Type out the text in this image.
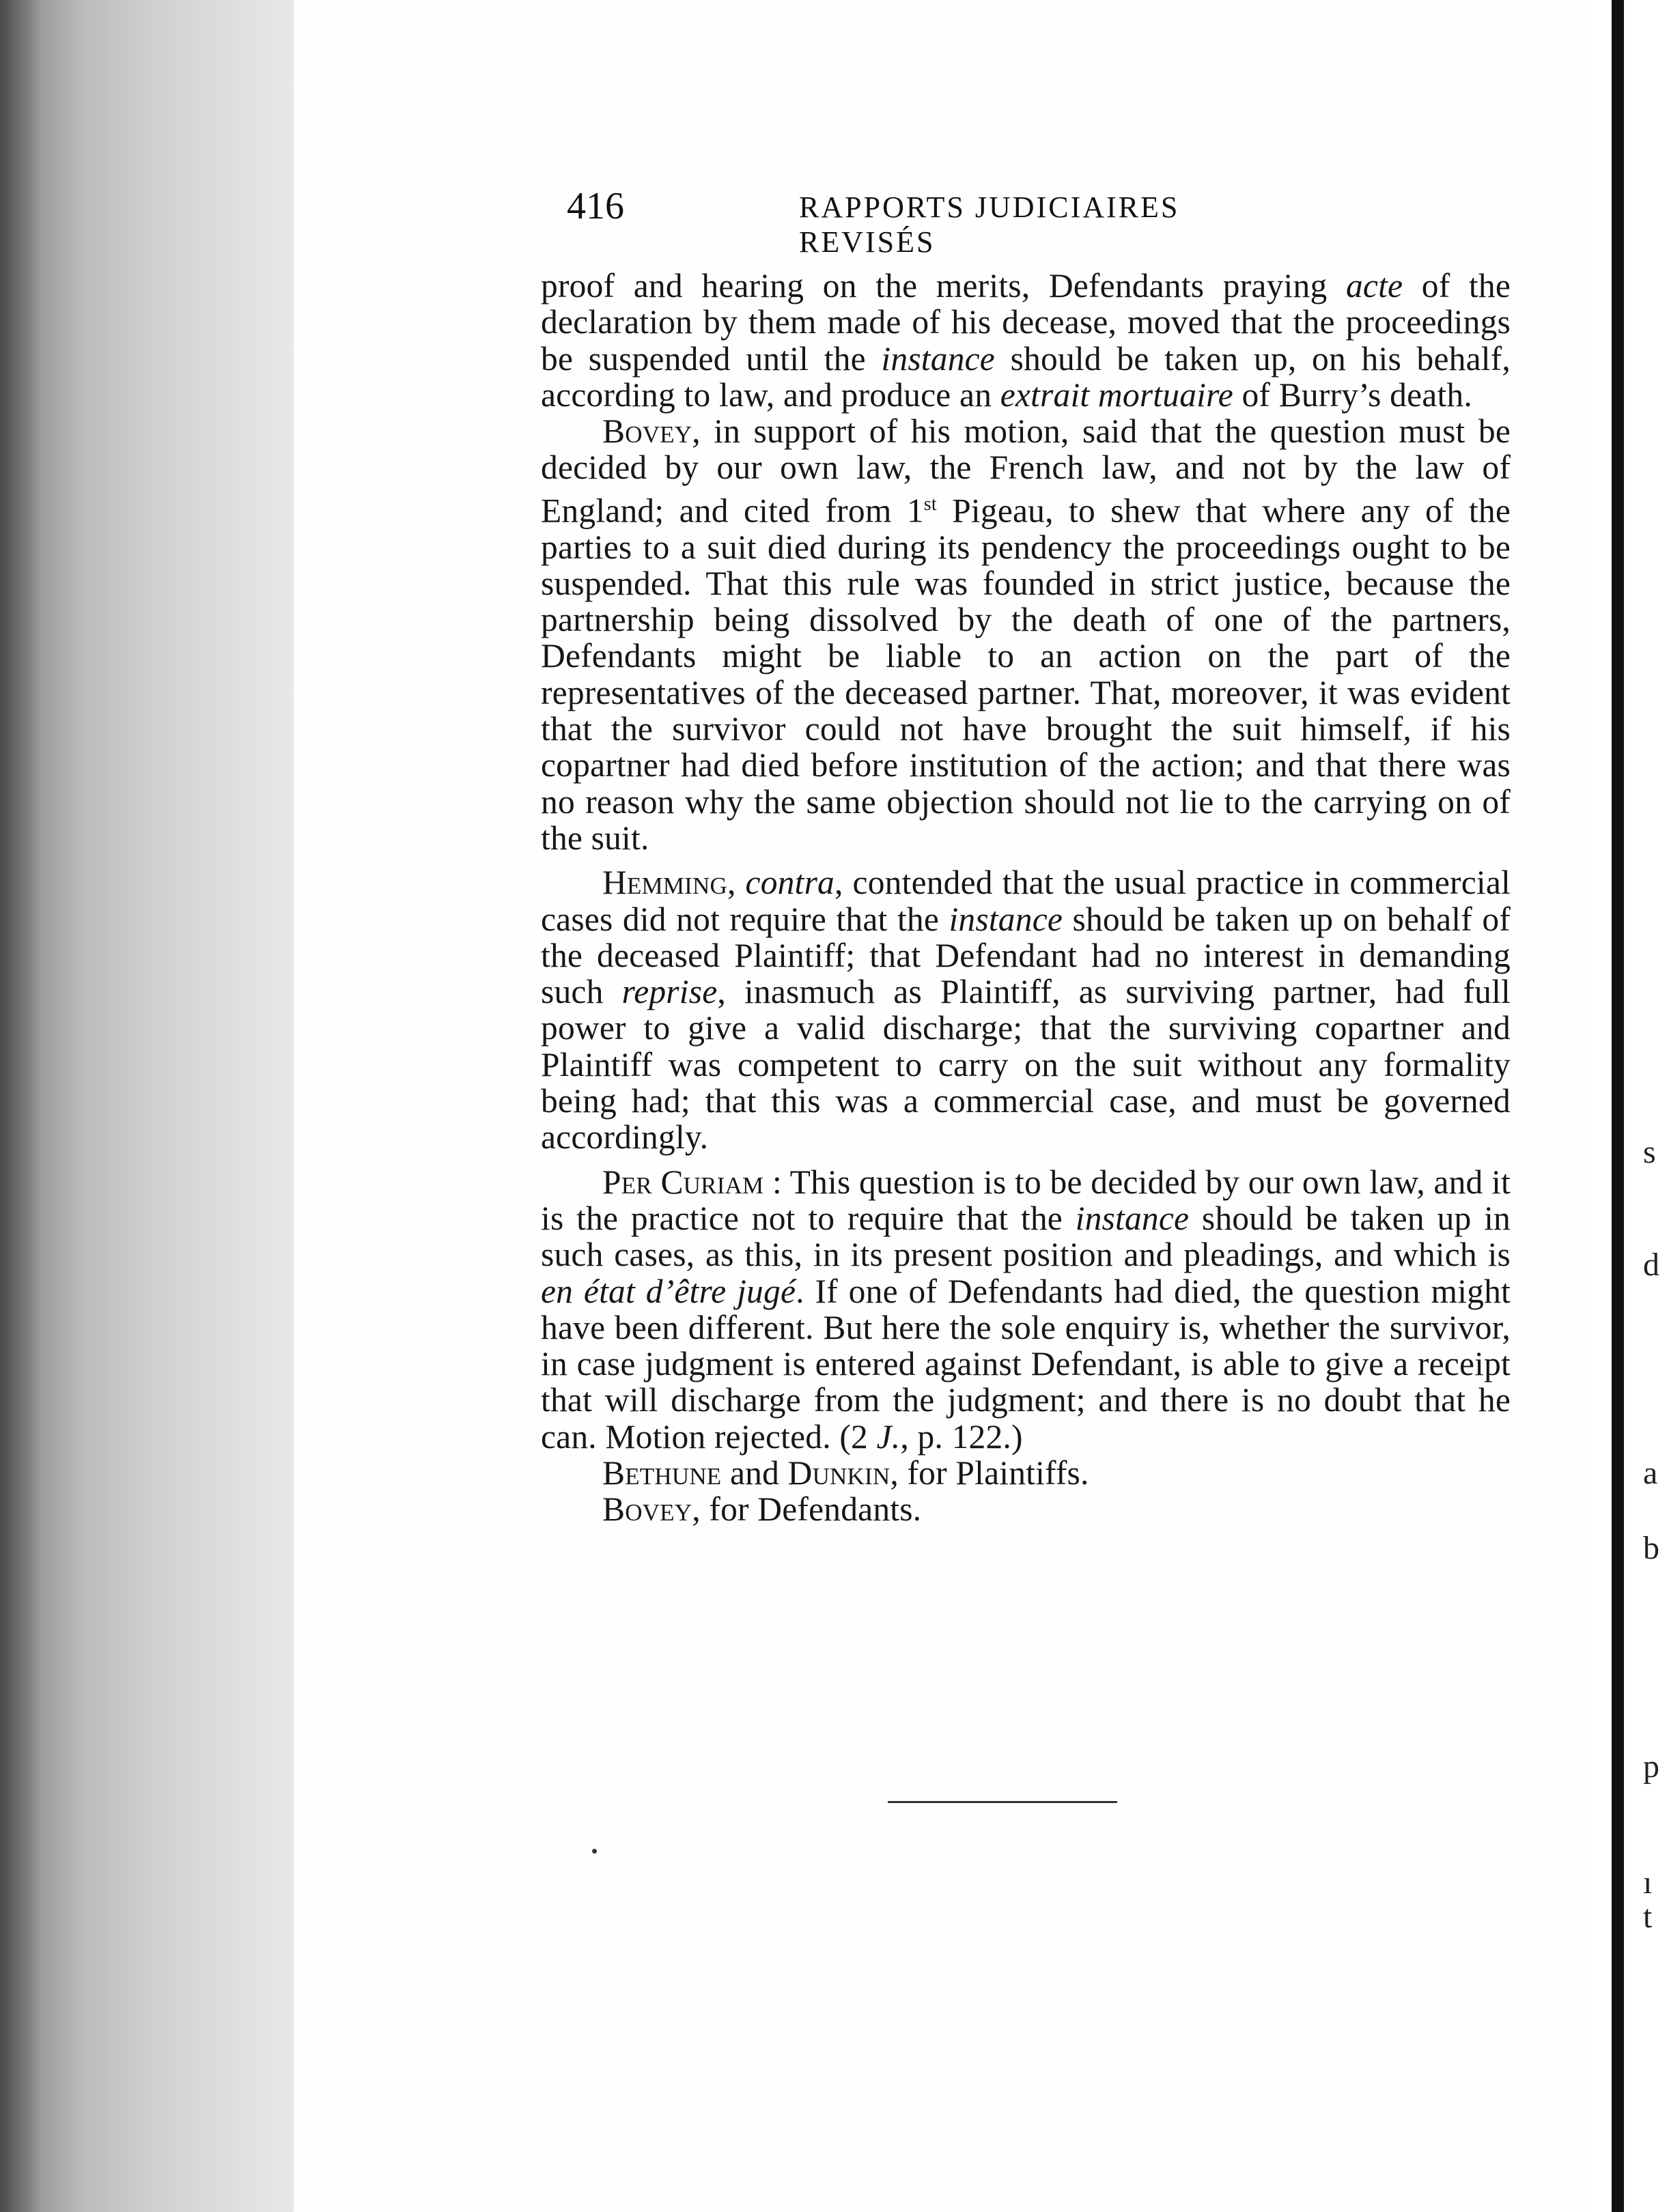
s
d
a
b
p
ı
t
416	RAPPORTS JUDICIAIRES REVISÉS

proof and hearing on the merits, Defendants praying acte of the declaration by them made of his decease, moved that the proceedings be suspended until the instance should be taken up, on his behalf, according to law, and produce an extrait mortuaire of Burry’s death.

Bovey, in support of his motion, said that the question must be decided by our own law, the French law, and not by the law of England; and cited from 1st Pigeau, to shew that where any of the parties to a suit died during its pendency the proceedings ought to be suspended. That this rule was founded in strict justice, because the partnership being dissolved by the death of one of the partners, Defendants might be liable to an action on the part of the representatives of the deceased partner. That, moreover, it was evident that the survivor could not have brought the suit himself, if his copartner had died before institution of the action; and that there was no reason why the same objection should not lie to the carrying on of the suit.

Hemming, contra, contended that the usual practice in commercial cases did not require that the instance should be taken up on behalf of the deceased Plaintiff; that Defendant had no interest in demanding such reprise, inasmuch as Plaintiff, as surviving partner, had full power to give a valid discharge; that the surviving copartner and Plaintiff was competent to carry on the suit without any formality being had; that this was a commercial case, and must be governed accordingly.

Per Curiam : This question is to be decided by our own law, and it is the practice not to require that the instance should be taken up in such cases, as this, in its present position and pleadings, and which is en état d’être jugé. If one of Defendants had died, the question might have been different. But here the sole enquiry is, whether the survivor, in case judgment is entered against Defendant, is able to give a receipt that will discharge from the judgment; and there is no doubt that he can. Motion rejected. (2 J., p. 122.)

Bethune and Dunkin, for Plaintiffs.

Bovey, for Defendants.
